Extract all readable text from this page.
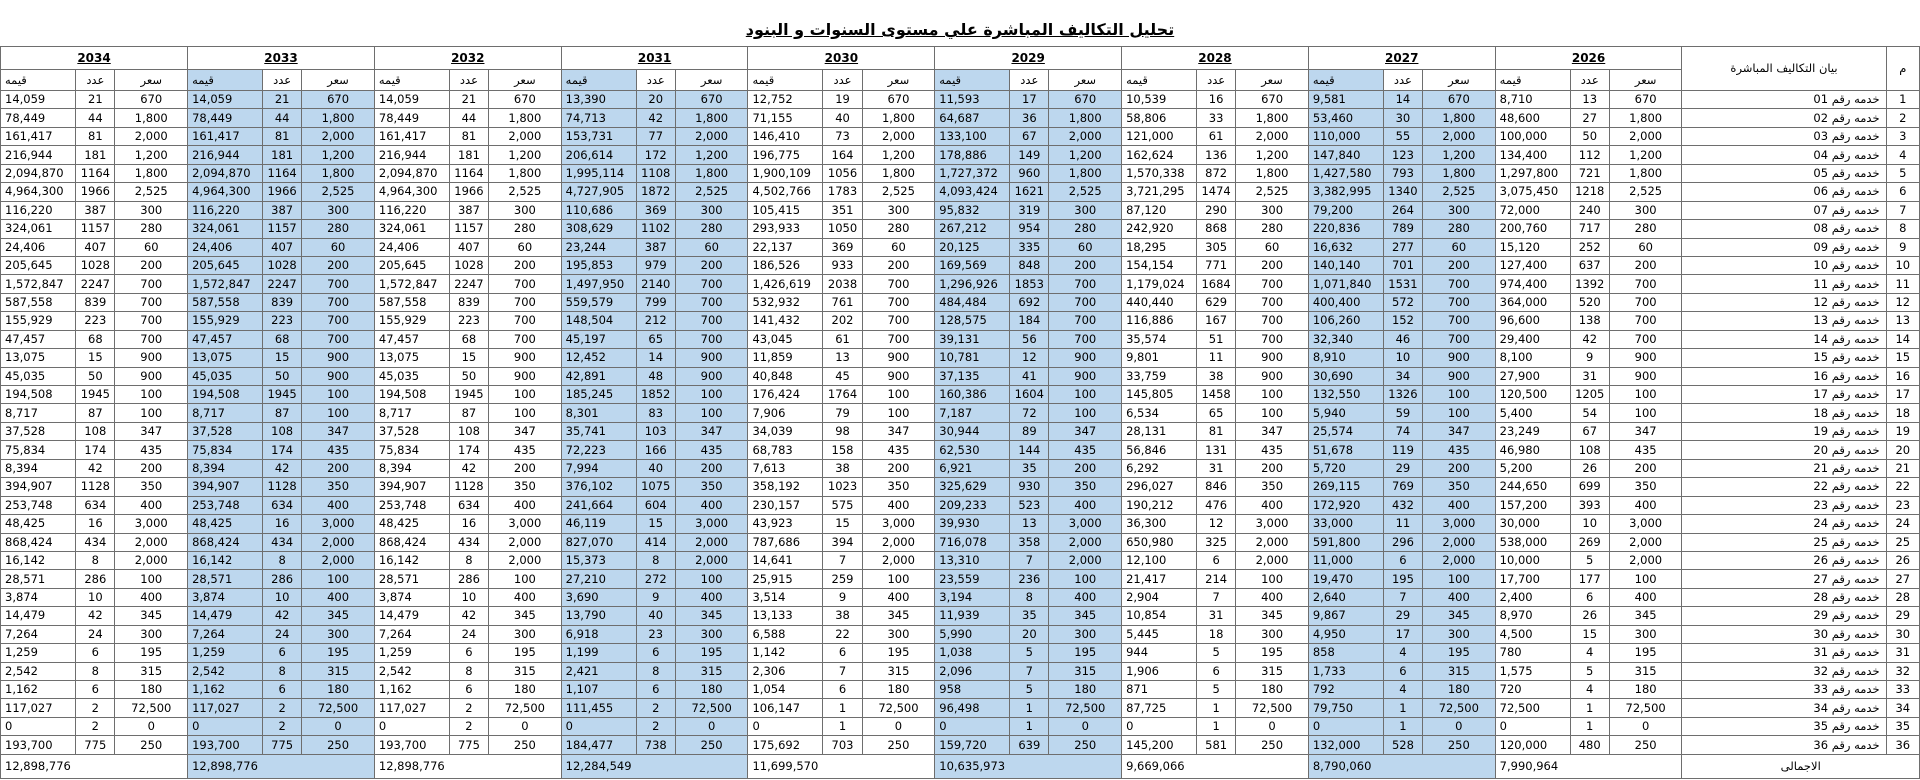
تحليل التكاليف المباشرة علي مستوى السنوات و البنود
م	بيان التكاليف المباشرة	2026			2027			2028			2029			2030			2031			2032			2033			2034		
		سعر	عدد	قيمه	سعر	عدد	قيمه	سعر	عدد	قيمه	سعر	عدد	قيمه	سعر	عدد	قيمه	سعر	عدد	قيمه	سعر	عدد	قيمه	سعر	عدد	قيمه	سعر	عدد	قيمه
1	خدمه رقم 01	670	13	8,710	670	14	9,581	670	16	10,539	670	17	11,593	670	19	12,752	670	20	13,390	670	21	14,059	670	21	14,059	670	21	14,059
2	خدمه رقم 02	1,800	27	48,600	1,800	30	53,460	1,800	33	58,806	1,800	36	64,687	1,800	40	71,155	1,800	42	74,713	1,800	44	78,449	1,800	44	78,449	1,800	44	78,449
3	خدمه رقم 03	2,000	50	100,000	2,000	55	110,000	2,000	61	121,000	2,000	67	133,100	2,000	73	146,410	2,000	77	153,731	2,000	81	161,417	2,000	81	161,417	2,000	81	161,417
4	خدمه رقم 04	1,200	112	134,400	1,200	123	147,840	1,200	136	162,624	1,200	149	178,886	1,200	164	196,775	1,200	172	206,614	1,200	181	216,944	1,200	181	216,944	1,200	181	216,944
5	خدمه رقم 05	1,800	721	1,297,800	1,800	793	1,427,580	1,800	872	1,570,338	1,800	960	1,727,372	1,800	1056	1,900,109	1,800	1108	1,995,114	1,800	1164	2,094,870	1,800	1164	2,094,870	1,800	1164	2,094,870
6	خدمه رقم 06	2,525	1218	3,075,450	2,525	1340	3,382,995	2,525	1474	3,721,295	2,525	1621	4,093,424	2,525	1783	4,502,766	2,525	1872	4,727,905	2,525	1966	4,964,300	2,525	1966	4,964,300	2,525	1966	4,964,300
7	خدمه رقم 07	300	240	72,000	300	264	79,200	300	290	87,120	300	319	95,832	300	351	105,415	300	369	110,686	300	387	116,220	300	387	116,220	300	387	116,220
8	خدمه رقم 08	280	717	200,760	280	789	220,836	280	868	242,920	280	954	267,212	280	1050	293,933	280	1102	308,629	280	1157	324,061	280	1157	324,061	280	1157	324,061
9	خدمه رقم 09	60	252	15,120	60	277	16,632	60	305	18,295	60	335	20,125	60	369	22,137	60	387	23,244	60	407	24,406	60	407	24,406	60	407	24,406
10	خدمه رقم 10	200	637	127,400	200	701	140,140	200	771	154,154	200	848	169,569	200	933	186,526	200	979	195,853	200	1028	205,645	200	1028	205,645	200	1028	205,645
11	خدمه رقم 11	700	1392	974,400	700	1531	1,071,840	700	1684	1,179,024	700	1853	1,296,926	700	2038	1,426,619	700	2140	1,497,950	700	2247	1,572,847	700	2247	1,572,847	700	2247	1,572,847
12	خدمه رقم 12	700	520	364,000	700	572	400,400	700	629	440,440	700	692	484,484	700	761	532,932	700	799	559,579	700	839	587,558	700	839	587,558	700	839	587,558
13	خدمه رقم 13	700	138	96,600	700	152	106,260	700	167	116,886	700	184	128,575	700	202	141,432	700	212	148,504	700	223	155,929	700	223	155,929	700	223	155,929
14	خدمه رقم 14	700	42	29,400	700	46	32,340	700	51	35,574	700	56	39,131	700	61	43,045	700	65	45,197	700	68	47,457	700	68	47,457	700	68	47,457
15	خدمه رقم 15	900	9	8,100	900	10	8,910	900	11	9,801	900	12	10,781	900	13	11,859	900	14	12,452	900	15	13,075	900	15	13,075	900	15	13,075
16	خدمه رقم 16	900	31	27,900	900	34	30,690	900	38	33,759	900	41	37,135	900	45	40,848	900	48	42,891	900	50	45,035	900	50	45,035	900	50	45,035
17	خدمه رقم 17	100	1205	120,500	100	1326	132,550	100	1458	145,805	100	1604	160,386	100	1764	176,424	100	1852	185,245	100	1945	194,508	100	1945	194,508	100	1945	194,508
18	خدمه رقم 18	100	54	5,400	100	59	5,940	100	65	6,534	100	72	7,187	100	79	7,906	100	83	8,301	100	87	8,717	100	87	8,717	100	87	8,717
19	خدمه رقم 19	347	67	23,249	347	74	25,574	347	81	28,131	347	89	30,944	347	98	34,039	347	103	35,741	347	108	37,528	347	108	37,528	347	108	37,528
20	خدمه رقم 20	435	108	46,980	435	119	51,678	435	131	56,846	435	144	62,530	435	158	68,783	435	166	72,223	435	174	75,834	435	174	75,834	435	174	75,834
21	خدمه رقم 21	200	26	5,200	200	29	5,720	200	31	6,292	200	35	6,921	200	38	7,613	200	40	7,994	200	42	8,394	200	42	8,394	200	42	8,394
22	خدمه رقم 22	350	699	244,650	350	769	269,115	350	846	296,027	350	930	325,629	350	1023	358,192	350	1075	376,102	350	1128	394,907	350	1128	394,907	350	1128	394,907
23	خدمه رقم 23	400	393	157,200	400	432	172,920	400	476	190,212	400	523	209,233	400	575	230,157	400	604	241,664	400	634	253,748	400	634	253,748	400	634	253,748
24	خدمه رقم 24	3,000	10	30,000	3,000	11	33,000	3,000	12	36,300	3,000	13	39,930	3,000	15	43,923	3,000	15	46,119	3,000	16	48,425	3,000	16	48,425	3,000	16	48,425
25	خدمه رقم 25	2,000	269	538,000	2,000	296	591,800	2,000	325	650,980	2,000	358	716,078	2,000	394	787,686	2,000	414	827,070	2,000	434	868,424	2,000	434	868,424	2,000	434	868,424
26	خدمه رقم 26	2,000	5	10,000	2,000	6	11,000	2,000	6	12,100	2,000	7	13,310	2,000	7	14,641	2,000	8	15,373	2,000	8	16,142	2,000	8	16,142	2,000	8	16,142
27	خدمه رقم 27	100	177	17,700	100	195	19,470	100	214	21,417	100	236	23,559	100	259	25,915	100	272	27,210	100	286	28,571	100	286	28,571	100	286	28,571
28	خدمه رقم 28	400	6	2,400	400	7	2,640	400	7	2,904	400	8	3,194	400	9	3,514	400	9	3,690	400	10	3,874	400	10	3,874	400	10	3,874
29	خدمه رقم 29	345	26	8,970	345	29	9,867	345	31	10,854	345	35	11,939	345	38	13,133	345	40	13,790	345	42	14,479	345	42	14,479	345	42	14,479
30	خدمه رقم 30	300	15	4,500	300	17	4,950	300	18	5,445	300	20	5,990	300	22	6,588	300	23	6,918	300	24	7,264	300	24	7,264	300	24	7,264
31	خدمه رقم 31	195	4	780	195	4	858	195	5	944	195	5	1,038	195	6	1,142	195	6	1,199	195	6	1,259	195	6	1,259	195	6	1,259
32	خدمه رقم 32	315	5	1,575	315	6	1,733	315	6	1,906	315	7	2,096	315	7	2,306	315	8	2,421	315	8	2,542	315	8	2,542	315	8	2,542
33	خدمه رقم 33	180	4	720	180	4	792	180	5	871	180	5	958	180	6	1,054	180	6	1,107	180	6	1,162	180	6	1,162	180	6	1,162
34	خدمه رقم 34	72,500	1	72,500	72,500	1	79,750	72,500	1	87,725	72,500	1	96,498	72,500	1	106,147	72,500	2	111,455	72,500	2	117,027	72,500	2	117,027	72,500	2	117,027
35	خدمه رقم 35	0	1	0	0	1	0	0	1	0	0	1	0	0	1	0	0	2	0	0	2	0	0	2	0	0	2	0
36	خدمه رقم 36	250	480	120,000	250	528	132,000	250	581	145,200	250	639	159,720	250	703	175,692	250	738	184,477	250	775	193,700	250	775	193,700	250	775	193,700
الاجمالى		7,990,964			8,790,060			9,669,066			10,635,973			11,699,570			12,284,549			12,898,776			12,898,776			12,898,776		
